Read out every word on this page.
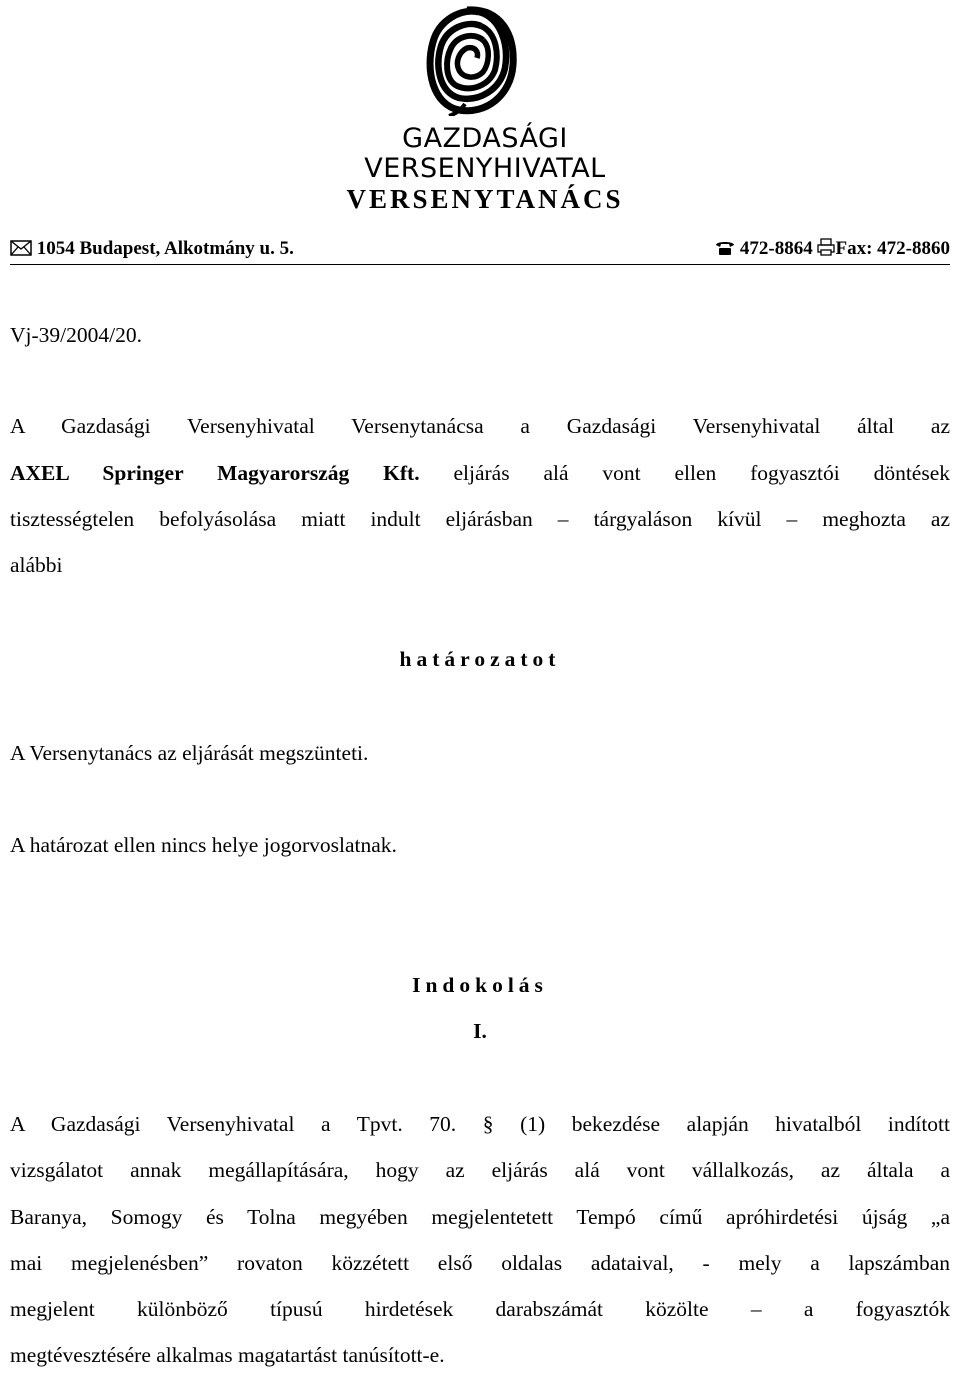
GAZDASÁGI
VERSENYHIVATAL
VERSENYTANÁCS
1054 Budapest, Alkotmány u. 5.	472-8864 Fax: 472-8860
Vj-39/2004/20.
A Gazdasági Versenyhivatal Versenytanácsa a Gazdasági Versenyhivatal által az
AXEL Springer Magyarország Kft. eljárás alá vont ellen fogyasztói döntések
tisztességtelen befolyásolása miatt indult eljárásban – tárgyaláson kívül – meghozta az
alábbi
határozatot
A Versenytanács az eljárását megszünteti.
A határozat ellen nincs helye jogorvoslatnak.
Indokolás
I.
A Gazdasági Versenyhivatal a Tpvt. 70. § (1) bekezdése alapján hivatalból indított
vizsgálatot annak megállapítására, hogy az eljárás alá vont vállalkozás, az általa a
Baranya, Somogy és Tolna megyében megjelentetett Tempó című apróhirdetési újság „a
mai megjelenésben” rovaton közzétett első oldalas adataival, - mely a lapszámban
megjelent különböző típusú hirdetések darabszámát közölte – a fogyasztók
megtévesztésére alkalmas magatartást tanúsított-e.
